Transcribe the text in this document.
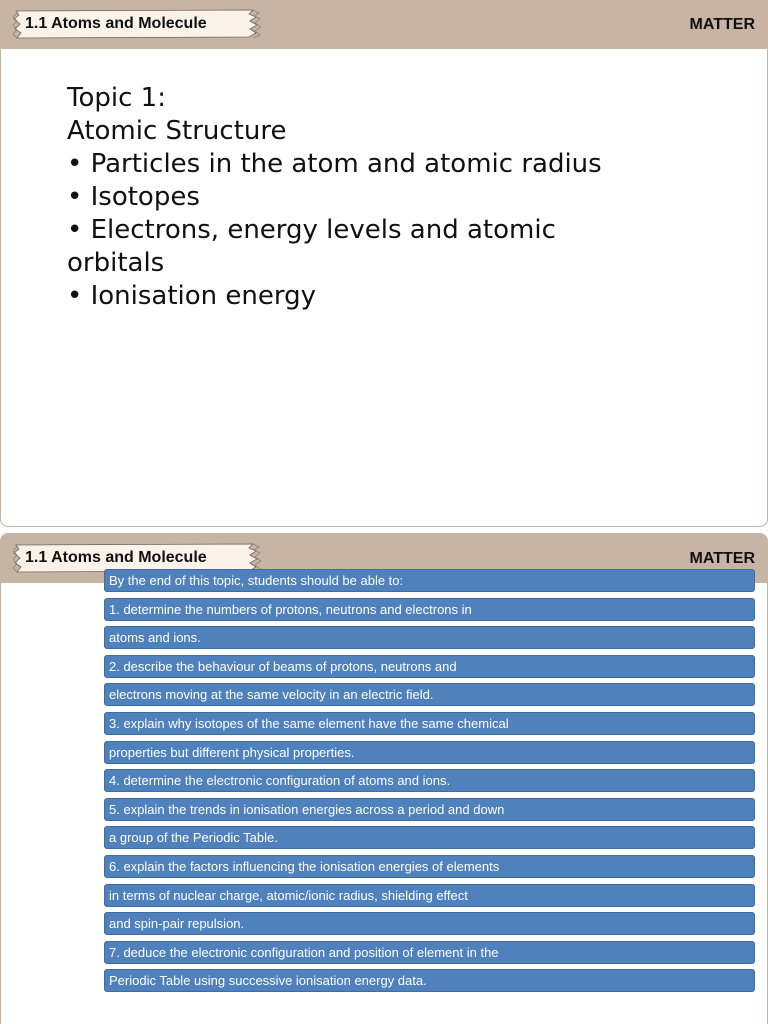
1.1 Atoms and Molecule	MATTER
Topic 1:
Atomic Structure
• Particles in the atom and atomic radius
• Isotopes
• Electrons, energy levels and atomic
orbitals
• Ionisation energy
1.1 Atoms and Molecule	MATTER
By the end of this topic, students should be able to:
1. determine the numbers of protons, neutrons and electrons in
atoms and ions.
2. describe the behaviour of beams of protons, neutrons and
electrons moving at the same velocity in an electric field.
3. explain why isotopes of the same element have the same chemical
properties but different physical properties.
4. determine the electronic configuration of atoms and ions.
5. explain the trends in ionisation energies across a period and down
a group of the Periodic Table.
6. explain the factors influencing the ionisation energies of elements
in terms of nuclear charge, atomic/ionic radius, shielding effect
and spin-pair repulsion.
7. deduce the electronic configuration and position of element in the
Periodic Table using successive ionisation energy data.
